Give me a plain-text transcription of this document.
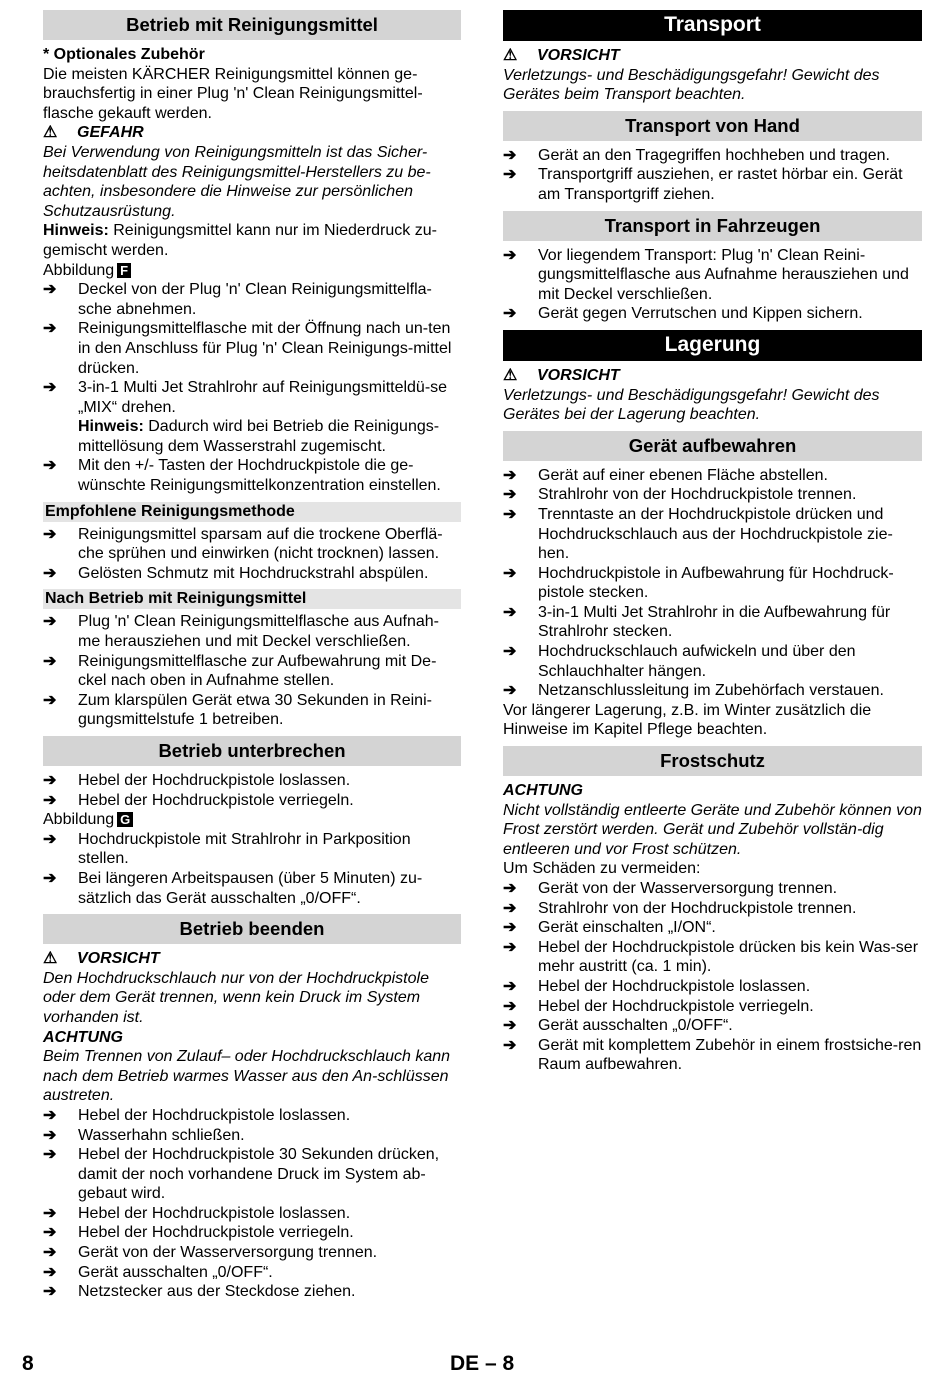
Betrieb mit Reinigungsmittel

* Optionales Zubehör

Die meisten KÄRCHER Reinigungsmittel können ge-brauchsfertig in einer Plug 'n' Clean Reinigungsmittel-flasche gekauft werden.

⚠ GEFAHR

Bei Verwendung von Reinigungsmitteln ist das Sicher-heitsdatenblatt des Reinigungsmittel-Herstellers zu be-achten, insbesondere die Hinweise zur persönlichen Schutzausrüstung.

Hinweis: Reinigungsmittel kann nur im Niederdruck zu-gemischt werden.

Abbildung F

➔ Deckel von der Plug 'n' Clean Reinigungsmittelfla-sche abnehmen.

➔ Reinigungsmittelflasche mit der Öffnung nach un-ten in den Anschluss für Plug 'n' Clean Reinigungs-mittel drücken.

➔ 3-in-1 Multi Jet Strahlrohr auf Reinigungsmitteldü-se „MIX“ drehen.

Hinweis: Dadurch wird bei Betrieb die Reinigungs-mittellösung dem Wasserstrahl zugemischt.

➔ Mit den +/- Tasten der Hochdruckpistole die ge-wünschte Reinigungsmittelkonzentration einstellen.

Empfohlene Reinigungsmethode

➔ Reinigungsmittel sparsam auf die trockene Oberflä-che sprühen und einwirken (nicht trocknen) lassen.

➔ Gelösten Schmutz mit Hochdruckstrahl abspülen.

Nach Betrieb mit Reinigungsmittel

➔ Plug 'n' Clean Reinigungsmittelflasche aus Aufnah-me herausziehen und mit Deckel verschließen.

➔ Reinigungsmittelflasche zur Aufbewahrung mit De-ckel nach oben in Aufnahme stellen.

➔ Zum klarspülen Gerät etwa 30 Sekunden in Reini-gungsmittelstufe 1 betreiben.

Betrieb unterbrechen

➔ Hebel der Hochdruckpistole loslassen.

➔ Hebel der Hochdruckpistole verriegeln.

Abbildung G

➔ Hochdruckpistole mit Strahlrohr in Parkposition stellen.

➔ Bei längeren Arbeitspausen (über 5 Minuten) zu-sätzlich das Gerät ausschalten „0/OFF“.

Betrieb beenden

⚠ VORSICHT

Den Hochdruckschlauch nur von der Hochdruckpistole oder dem Gerät trennen, wenn kein Druck im System vorhanden ist.

ACHTUNG

Beim Trennen von Zulauf– oder Hochdruckschlauch kann nach dem Betrieb warmes Wasser aus den An-schlüssen austreten.

➔ Hebel der Hochdruckpistole loslassen.

➔ Wasserhahn schließen.

➔ Hebel der Hochdruckpistole 30 Sekunden drücken, damit der noch vorhandene Druck im System ab-gebaut wird.

➔ Hebel der Hochdruckpistole loslassen.

➔ Hebel der Hochdruckpistole verriegeln.

➔ Gerät von der Wasserversorgung trennen.

➔ Gerät ausschalten „0/OFF“.

➔ Netzstecker aus der Steckdose ziehen.

Transport

⚠ VORSICHT

Verletzungs- und Beschädigungsgefahr! Gewicht des Gerätes beim Transport beachten.

Transport von Hand

➔ Gerät an den Tragegriffen hochheben und tragen.

➔ Transportgriff ausziehen, er rastet hörbar ein. Gerät am Transportgriff ziehen.

Transport in Fahrzeugen

➔ Vor liegendem Transport: Plug 'n' Clean Reini-gungsmittelflasche aus Aufnahme herausziehen und mit Deckel verschließen.

➔ Gerät gegen Verrutschen und Kippen sichern.

Lagerung

⚠ VORSICHT

Verletzungs- und Beschädigungsgefahr! Gewicht des Gerätes bei der Lagerung beachten.

Gerät aufbewahren

➔ Gerät auf einer ebenen Fläche abstellen.

➔ Strahlrohr von der Hochdruckpistole trennen.

➔ Trenntaste an der Hochdruckpistole drücken und Hochdruckschlauch aus der Hochdruckpistole zie-hen.

➔ Hochdruckpistole in Aufbewahrung für Hochdruck-pistole stecken.

➔ 3-in-1 Multi Jet Strahlrohr in die Aufbewahrung für Strahlrohr stecken.

➔ Hochdruckschlauch aufwickeln und über den Schlauchhalter hängen.

➔ Netzanschlussleitung im Zubehörfach verstauen.

Vor längerer Lagerung, z.B. im Winter zusätzlich die Hinweise im Kapitel Pflege beachten.

Frostschutz

ACHTUNG

Nicht vollständig entleerte Geräte und Zubehör können von Frost zerstört werden. Gerät und Zubehör vollstän-dig entleeren und vor Frost schützen.

Um Schäden zu vermeiden:

➔ Gerät von der Wasserversorgung trennen.

➔ Strahlrohr von der Hochdruckpistole trennen.

➔ Gerät einschalten „I/ON“.

➔ Hebel der Hochdruckpistole drücken bis kein Was-ser mehr austritt (ca. 1 min).

➔ Hebel der Hochdruckpistole loslassen.

➔ Hebel der Hochdruckpistole verriegeln.

➔ Gerät ausschalten „0/OFF“.

➔ Gerät mit komplettem Zubehör in einem frostsiche-ren Raum aufbewahren.

8	DE – 8
